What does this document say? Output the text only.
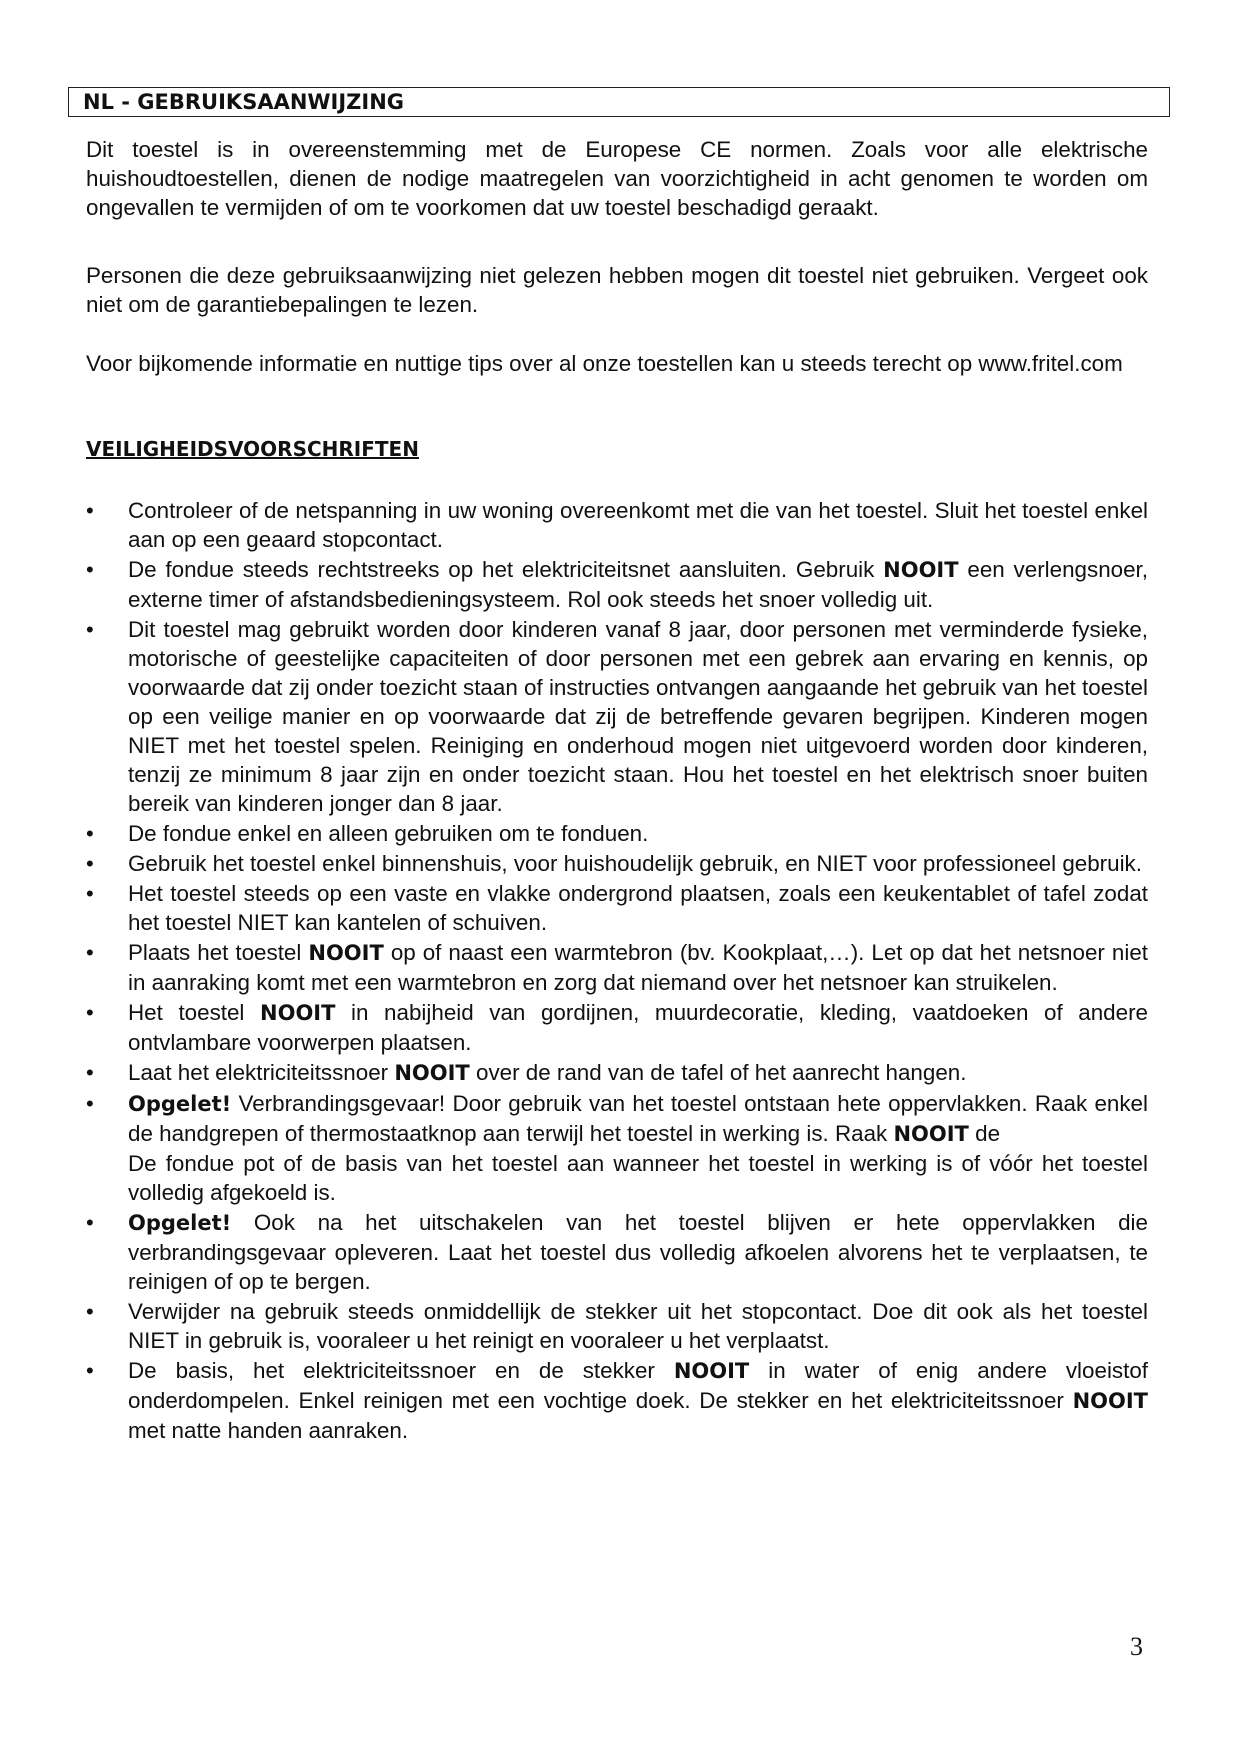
NL - GEBRUIKSAANWIJZING

Dit toestel is in overeenstemming met de Europese CE normen. Zoals voor alle elektrische huishoudtoestellen, dienen de nodige maatregelen van voorzichtigheid in acht genomen te worden om ongevallen te vermijden of om te voorkomen dat uw toestel beschadigd geraakt.

Personen die deze gebruiksaanwijzing niet gelezen hebben mogen dit toestel niet gebruiken. Vergeet ook niet om de garantiebepalingen te lezen.

Voor bijkomende informatie en nuttige tips over al onze toestellen kan u steeds terecht op www.fritel.com

VEILIGHEIDSVOORSCHRIFTEN
• Controleer of de netspanning in uw woning overeenkomt met die van het toestel. Sluit het toestel enkel aan op een geaard stopcontact.
• De fondue steeds rechtstreeks op het elektriciteitsnet aansluiten. Gebruik NOOIT een verlengsnoer, externe timer of afstandsbedieningsysteem. Rol ook steeds het snoer volledig uit.
• Dit toestel mag gebruikt worden door kinderen vanaf 8 jaar, door personen met verminderde fysieke, motorische of geestelijke capaciteiten of door personen met een gebrek aan ervaring en kennis, op voorwaarde dat zij onder toezicht staan of instructies ontvangen aangaande het gebruik van het toestel op een veilige manier en op voorwaarde dat zij de betreffende gevaren begrijpen. Kinderen mogen NIET met het toestel spelen. Reiniging en onderhoud mogen niet uitgevoerd worden door kinderen, tenzij ze minimum 8 jaar zijn en onder toezicht staan. Hou het toestel en het elektrisch snoer buiten bereik van kinderen jonger dan 8 jaar.
• De fondue enkel en alleen gebruiken om te fonduen.
• Gebruik het toestel enkel binnenshuis, voor huishoudelijk gebruik, en NIET voor professioneel gebruik.
• Het toestel steeds op een vaste en vlakke ondergrond plaatsen, zoals een keukentablet of tafel zodat het toestel NIET kan kantelen of schuiven.
• Plaats het toestel NOOIT op of naast een warmtebron (bv. Kookplaat,…). Let op dat het netsnoer niet in aanraking komt met een warmtebron en zorg dat niemand over het netsnoer kan struikelen.
• Het toestel NOOIT in nabijheid van gordijnen, muurdecoratie, kleding, vaatdoeken of andere ontvlambare voorwerpen plaatsen.
• Laat het elektriciteitssnoer NOOIT over de rand van de tafel of het aanrecht hangen.
• Opgelet! Verbrandingsgevaar! Door gebruik van het toestel ontstaan hete oppervlakken. Raak enkel de handgrepen of thermostaatknop aan terwijl het toestel in werking is. Raak NOOIT de
De fondue pot of de basis van het toestel aan wanneer het toestel in werking is of vóór het toestel volledig afgekoeld is.
• Opgelet! Ook na het uitschakelen van het toestel blijven er hete oppervlakken die verbrandingsgevaar opleveren. Laat het toestel dus volledig afkoelen alvorens het te verplaatsen, te reinigen of op te bergen.
• Verwijder na gebruik steeds onmiddellijk de stekker uit het stopcontact. Doe dit ook als het toestel NIET in gebruik is, vooraleer u het reinigt en vooraleer u het verplaatst.
• De basis, het elektriciteitssnoer en de stekker NOOIT in water of enig andere vloeistof onderdompelen. Enkel reinigen met een vochtige doek. De stekker en het elektriciteitssnoer NOOIT met natte handen aanraken.
3
